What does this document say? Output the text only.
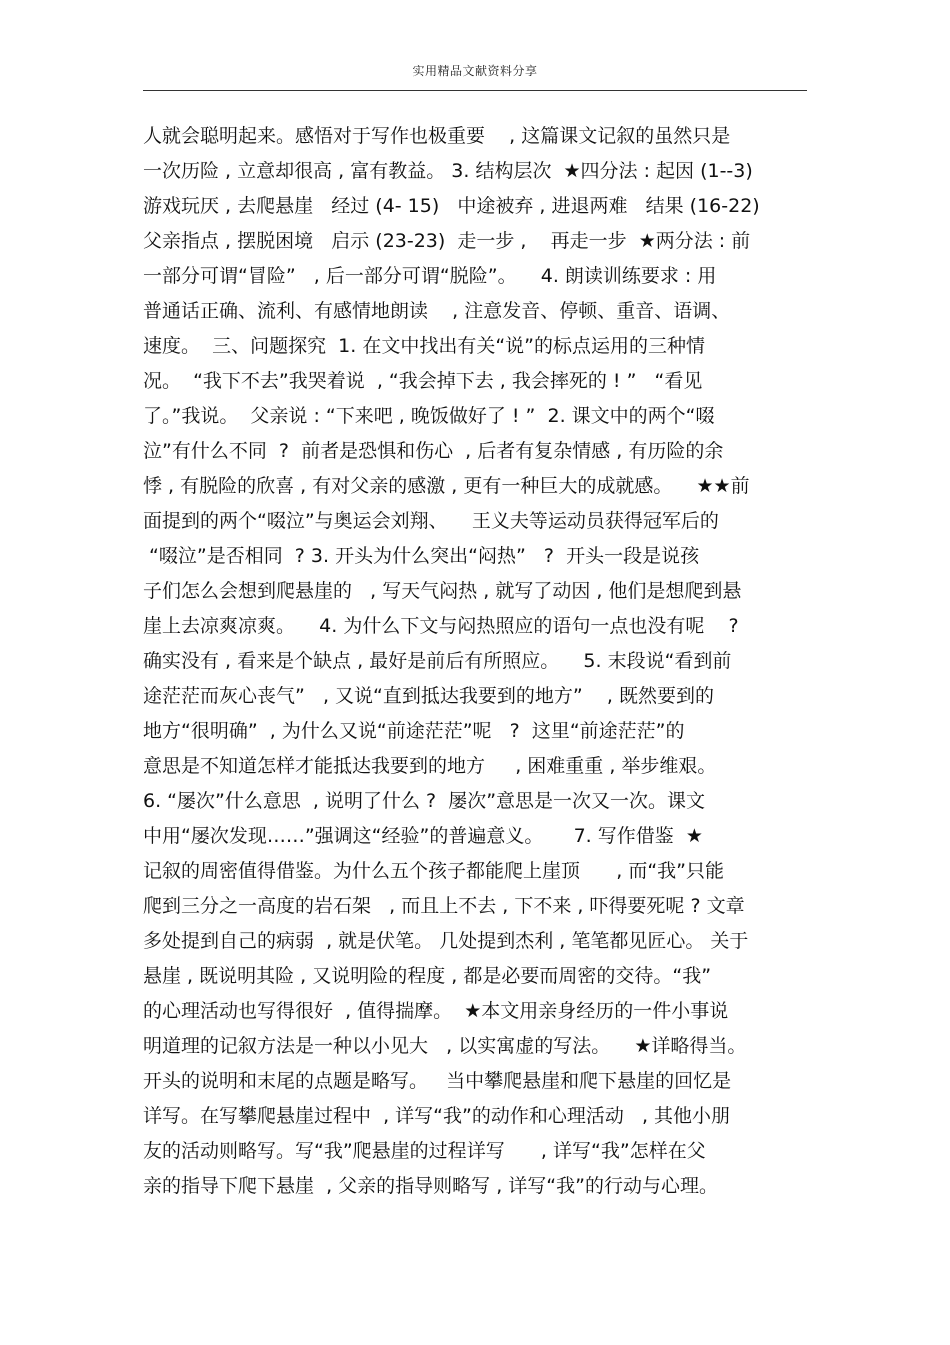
实用精品文献资料分享
人就会聪明起来。感悟对于写作也极重要    , 这篇课文记叙的虽然只是
一次历险 , 立意却很高 , 富有教益。 3. 结构层次  ★四分法 : 起因 (1--3)
游戏玩厌 , 去爬悬崖   经过 (4- 15)   中途被弃 , 进退两难   结果 (16-22)
父亲指点 , 摆脱困境   启示 (23-23)  走一步 ,    再走一步  ★两分法 : 前
一部分可谓“冒险”   , 后一部分可谓“脱险”。    4. 朗读训练要求 : 用
普通话正确、流利、有感情地朗读    , 注意发音、停顿、重音、语调、
速度。  三、问题探究  1. 在文中找出有关“说”的标点运用的三种情
况。  “我下不去”我哭着说  , “我会掉下去 , 我会摔死的 ! ”   “看见
了。”我说。  父亲说 : “下来吧 , 晚饭做好了 ! ”  2. 课文中的两个“啜
泣”有什么不同  ?  前者是恐惧和伤心  , 后者有复杂情感 , 有历险的余
悸 , 有脱险的欣喜 , 有对父亲的感激 , 更有一种巨大的成就感。    ★★前
面提到的两个“啜泣”与奥运会刘翔、    王义夫等运动员获得冠军后的
“啜泣”是否相同  ? 3. 开头为什么突出“闷热”   ?  开头一段是说孩
子们怎么会想到爬悬崖的   , 写天气闷热 , 就写了动因 , 他们是想爬到悬
崖上去凉爽凉爽。    4. 为什么下文与闷热照应的语句一点也没有呢    ?
确实没有 , 看来是个缺点 , 最好是前后有所照应。    5. 末段说“看到前
途茫茫而灰心丧气”   , 又说“直到抵达我要到的地方”    , 既然要到的
地方“很明确”  , 为什么又说“前途茫茫”呢   ?  这里“前途茫茫”的
意思是不知道怎样才能抵达我要到的地方     , 困难重重 , 举步维艰。
6. “屡次”什么意思  , 说明了什么 ?  屡次”意思是一次又一次。课文
中用“屡次发现……”强调这“经验”的普遍意义。     7. 写作借鉴  ★
记叙的周密值得借鉴。为什么五个孩子都能爬上崖顶      , 而“我”只能
爬到三分之一高度的岩石架   , 而且上不去 , 下不来 , 吓得要死呢 ? 文章
多处提到自己的病弱  , 就是伏笔。 几处提到杰利 , 笔笔都见匠心。 关于
悬崖 , 既说明其险 , 又说明险的程度 , 都是必要而周密的交待。“我”
的心理活动也写得很好  , 值得揣摩。  ★本文用亲身经历的一件小事说
明道理的记叙方法是一种以小见大   , 以实寓虚的写法。    ★详略得当。
开头的说明和末尾的点题是略写。   当中攀爬悬崖和爬下悬崖的回忆是
详写。在写攀爬悬崖过程中  , 详写“我”的动作和心理活动   , 其他小朋
友的活动则略写。写“我”爬悬崖的过程详写      , 详写“我”怎样在父
亲的指导下爬下悬崖  , 父亲的指导则略写 , 详写“我”的行动与心理。
